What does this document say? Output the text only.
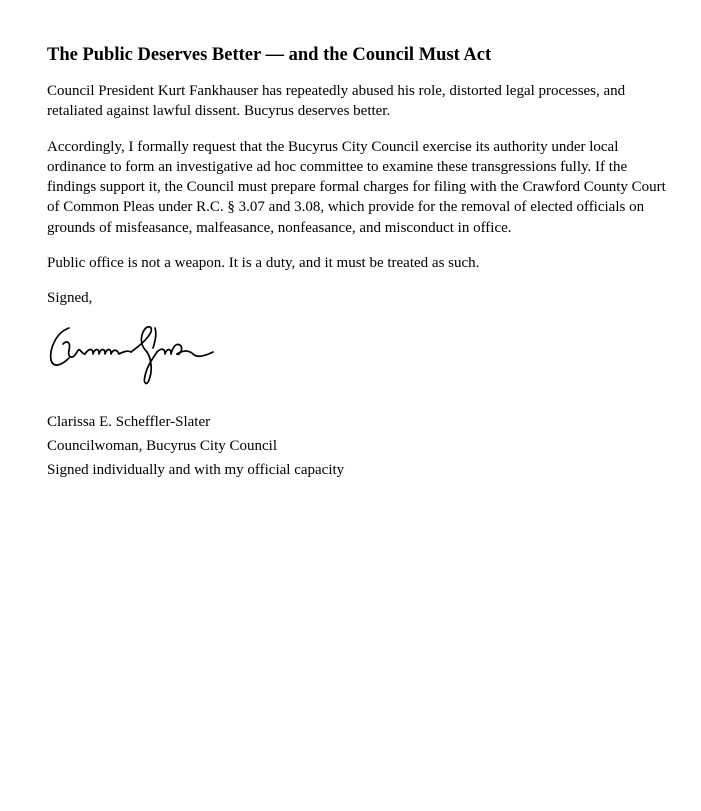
The Public Deserves Better — and the Council Must Act

Council President Kurt Fankhauser has repeatedly abused his role, distorted legal processes, and retaliated against lawful dissent. Bucyrus deserves better.

Accordingly, I formally request that the Bucyrus City Council exercise its authority under local ordinance to form an investigative ad hoc committee to examine these transgressions fully. If the findings support it, the Council must prepare formal charges for filing with the Crawford County Court of Common Pleas under R.C. § 3.07 and 3.08, which provide for the removal of elected officials on grounds of misfeasance, malfeasance, nonfeasance, and misconduct in office.

Public office is not a weapon. It is a duty, and it must be treated as such.

Signed,

Clarissa E. Scheffler-Slater

Councilwoman, Bucyrus City Council

Signed individually and with my official capacity
